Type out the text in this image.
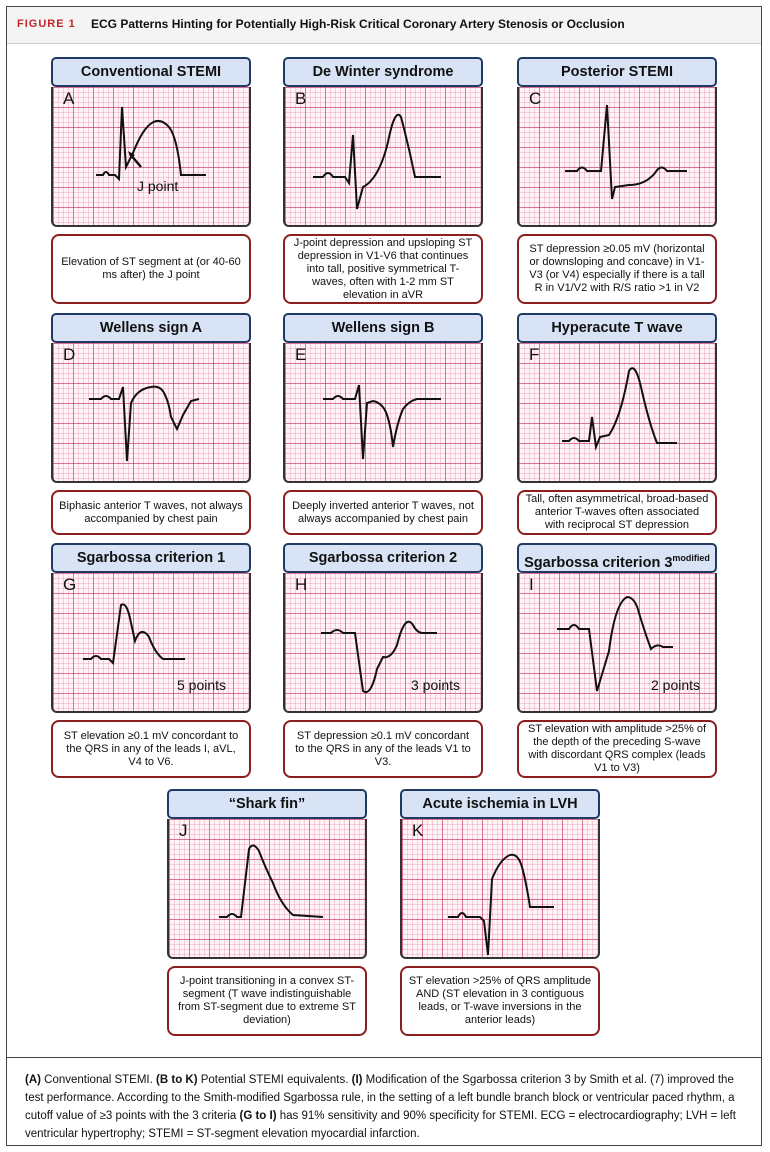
FIGURE 1 ECG Patterns Hinting for Potentially High-Risk Critical Coronary Artery Stenosis or Occlusion
Conventional STEMI
A
J point
Elevation of ST segment at (or 40-60 ms after) the J point
De Winter syndrome
B
J-point depression and upsloping ST depression in V1-V6 that continues into tall, positive symmetrical T-waves, often with 1-2 mm ST elevation in aVR
Posterior STEMI
C
ST depression ≥0.05 mV (horizontal or downsloping and concave) in V1-V3 (or V4) especially if there is a tall R in V1/V2 with R/S ratio >1 in V2
Wellens sign A
D
Biphasic anterior T waves, not always accompanied by chest pain
Wellens sign B
E
Deeply inverted anterior T waves, not always accompanied by chest pain
Hyperacute T wave
F
Tall, often asymmetrical, broad-based anterior T-waves often associated with reciprocal ST depression
Sgarbossa criterion 1
G
5 points
ST elevation ≥0.1 mV concordant to the QRS in any of the leads I, aVL, V4 to V6.
Sgarbossa criterion 2
H
3 points
ST depression ≥0.1 mV concordant to the QRS in any of the leads V1 to V3.
Sgarbossa criterion $3^{modified}$
I
2 points
ST elevation with amplitude >25% of the depth of the preceding S-wave with discordant QRS complex (leads V1 to V3)
“Shark fin”
J
J-point transitioning in a convex ST-segment (T wave indistinguishable from ST-segment due to extreme ST deviation)
Acute ischemia in LVH
K
ST elevation >25% of QRS amplitude AND (ST elevation in 3 contiguous leads, or T-wave inversions in the anterior leads)
(A) Conventional STEMI. (B to K) Potential STEMI equivalents. (I) Modification of the Sgarbossa criterion 3 by Smith et al. (7) improved the test performance. According to the Smith-modified Sgarbossa rule, in the setting of a left bundle branch block or ventricular paced rhythm, a cutoff value of ≥3 points with the 3 criteria (G to I) has 91% sensitivity and 90% specificity for STEMI. ECG = electrocardiography; LVH = left ventricular hypertrophy; STEMI = ST-segment elevation myocardial infarction.
